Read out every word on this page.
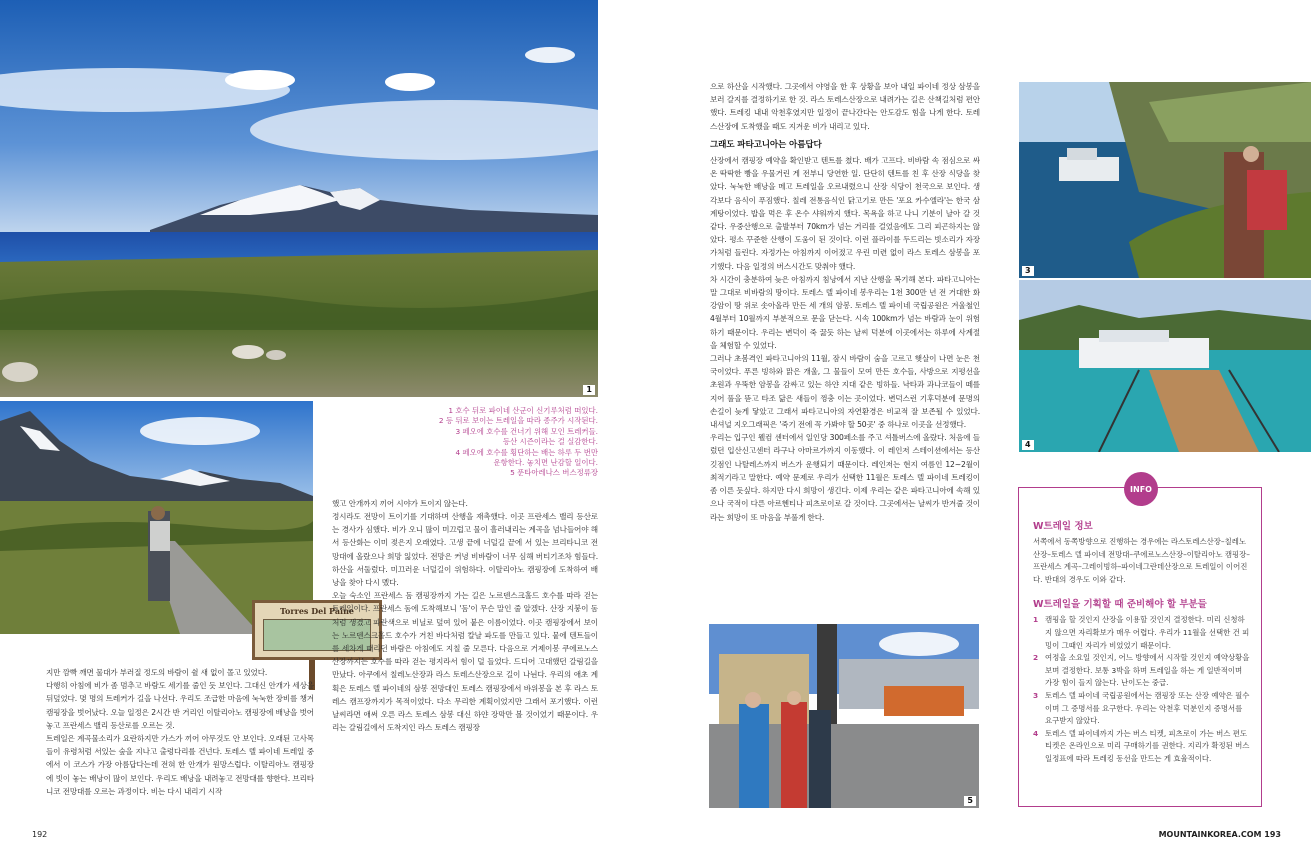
1
Torres Del Paine
1 호수 뒤로 파이네 산군이 신기루처럼 떠있다.
2 등 뒤로 보이는 트레일을 따라 종주가 시작된다.
3 페오에 호수를 건너기 위해 모인 트레커들.
등산 시즌이라는 걸 실감한다.
4 페오에 호수를 횡단하는 배는 하루 두 번만
운항한다. 놓치면 난감할 일이다.
5 푼타아레나스 버스정류장

했고 안개까지 끼어 시야가 트이지 않는다.

정시라도 전망이 트이기를 기대하며 산행을 재촉했다. 이곳 프란세스 밸리 등산로는 경사가 심했다. 비가 오니 많이 미끄럽고 물이 흘러내리는 계곡을 넘나들어야 해서 등산화는 이미 젖은지 오래였다. 고생 끝에 너덜길 끝에 서 있는 브리타니코 전망대에 올랐으나 희망 잃었다. 전망은 커녕 비바람이 너무 심해 버티기조차 힘들다. 하산을 서둘렀다. 미끄러운 너덜길이 위험하다. 이탈리아노 캠핑장에 도착하여 배낭을 찾아 다시 멨다.

오늘 숙소인 프란세스 돔 캠핑장까지 가는 길은 노르덴스크홀드 호수를 따라 걷는 트레일이다. 프란세스 돔에 도착해보니 '돔'이 무슨 말인 줄 알겠다. 산장 지붕이 돔처럼 생겼고 파란색으로 비닐로 덮여 있어 붙은 이름이었다. 이곳 캠핑장에서 보이는 노르덴스크홀드 호수가 거친 바다처럼 칼날 파도를 만들고 있다. 뭍에 텐트들이를 세차게 때리던 바람은 아침에도 지칠 줄 모른다. 다음으로 거제이봉 쿠에르노스산장까지는 호수를 따라 걷는 평지라서 힘이 덜 들었다. 드디어 고대했던 갈림길을 만났다. 아쿠에서 칠레노산장과 라스 토레스산장으로 길이 나뉜다. 우리의 애초 계획은 토레스 델 파이네의 삼봉 전망대인 토레스 캠핑장에서 바위봉을 본 후 라스 토레스 캠프장까지가 목적이었다. 다소 무리한 계획이었지만 그래서 포기했다. 이런 날씨라면 애써 오른 라스 토레스 삼봉 대신 하얀 장막만 볼 것이었기 때문이다. 우리는 갈림길에서 도착지인 라스 토레스 캠핑장

지만 깜빡 깨면 물대가 부러질 정도의 바람이 쉴 새 없이 몰고 있었다.

다행히 아침에 비가 좀 멈추고 바람도 세기를 줄인 듯 보인다. 그대신 안개가 세상을 뒤덮었다. 몇 명의 트레커가 길을 나선다. 우리도 조급한 마음에 눅눅한 장비를 챙겨 캠핑장을 벗어났다. 오늘 일정은 2시간 반 거리인 이탈리아노 캠핑장에 배낭을 벗어 놓고 프란세스 밸리 등산로를 오르는 것.

트레일은 계곡물소리가 요란하지만 가스가 끼어 아무것도 안 보인다. 오래된 고사목들이 유령처럼 서있는 숲을 지나고 출렁다리를 건넌다. 토레스 델 파이네 트레일 중에서 이 코스가 가장 아름답다는데 전혀 한 안개가 원망스럽다. 이탈리아노 캠핑장에 빗이 놓는 배낭이 많이 보인다. 우리도 배낭을 내려놓고 전망대를 향한다. 브리타니코 전망대를 오르는 과정이다. 비는 다시 내리기 시작

192

으로 하산을 시작했다. 그곳에서 야영을 한 후 상황을 보아 내일 파이네 정상 삼봉을 보러 갈지를 결정하기로 한 것. 라스 토레스산장으로 내려가는 길은 산책길처럼 편안했다. 트레킹 내내 악천후였지만 일정이 끝나간다는 안도감도 힘을 나게 한다. 토레스산장에 도착했을 때도 지겨운 비가 내리고 있다.

그래도 파타고니아는 아름답다

산장에서 캠핑장 예약을 확인받고 텐트를 쳤다. 배가 고프다. 비바람 속 점심으로 싸온 딱딱한 빵을 우물거린 게 전부니 당연한 일. 단단히 텐트를 친 후 산장 식당을 찾았다. 눅눅한 배낭을 메고 트레일을 오르내렸으니 산장 식당이 천국으로 보인다. 생각보다 음식이 푸짐했다. 칠레 전통음식인 닭고기로 만든 '포요 카수엘라'는 한국 삼계탕이었다. 밥을 먹은 후 온수 샤워까지 했다. 목욕을 하고 나니 기분이 날아 갈 것 같다. 우중산행으로 출발부터 70km가 넘는 거리를 걸었음에도 그리 피곤하지는 않았다. 평소 꾸준한 산행이 도움이 된 것이다. 이런 플라이를 두드리는 빗소리가 자장가처럼 들린다. 자정가는 아침까지 이어졌고 우린 미련 없이 라스 토레스 삼봉을 포기했다. 다음 일정의 버스시간도 맞춰야 했다.

차 시간이 충분하여 늦은 아침까지 침낭에서 지난 산행을 복기해 본다. 파타고니아는 말 그대로 비바람의 땅이다. 토레스 델 파이네 봉우리는 1천 300만 년 전 거대한 화강암이 땅 위로 솟아올라 만든 세 개의 암봉. 토레스 델 파이네 국립공원은 겨울철인 4월부터 10월까지 부분적으로 문을 닫는다. 시속 100km가 넘는 바람과 눈이 위험하기 때문이다. 우리는 변덕이 죽 끓듯 하는 날씨 덕분에 이곳에서는 하루에 사계절을 체험할 수 있었다.

그러나 초봄격인 파타고니아의 11월, 잠시 바람이 숨을 고르고 햇살이 나면 눈은 천국이었다. 푸른 빙하와 맑은 개울, 그 물들이 모여 만든 호수들, 사방으로 지평선을 초원과 우뚝한 암봉을 감싸고 있는 하얀 지대 같은 빙하들. 낙타과 과나코들이 떼를 지어 풀을 뜯고 타조 닮은 새들이 껑충 이는 곳이었다. 변덕스런 기후덕분에 문명의 손길이 늦게 닿았고 그래서 파타고니아의 자연환경은 비교적 잘 보존될 수 있었다. 내셔널 지오그래픽은 '죽기 전에 꼭 가봐야 할 50곳' 중 하나로 이곳을 선정했다.

우리는 입구인 웰컴 센터에서 일인당 300페소를 주고 셔틀버스에 올랐다. 처음에 들렀던 입산신고센터 라구나 아마르가까지 이동했다. 이 레인저 스테이션에서는 등산 깃점인 나탈레스까지 버스가 운행되기 때문이다. 레인저는 현지 여름인 12~2월이 최적기라고 말한다. 예약 문제로 우리가 선택한 11월은 토레스 델 파이네 트레킹이 좀 이른 듯싶다. 하지만 다시 희망이 생긴다. 이제 우리는 같은 파타고니아에 속해 있으나 국적이 다른 아르헨티나 피츠로이로 갈 것이다. 그곳에서는 날씨가 반겨줄 것이라는 희망이 또 마음을 부풀게 한다.

3
4
5
W트레일 정보
서쪽에서 동쪽방향으로 진행하는 경우에는 라스토레스산장–칠레노산장–토레스 델 파이네 전망대–쿠에르노스산장–이탈리아노 캠핑장–프란세스 계곡–그레이빙하–파이네그란데산장으로 트레일이 이어진다. 반대의 경우도 이와 같다.
W트레일을 기획할 때 준비해야 할 부분들
1 캠핑을 할 것인지 산장을 이용할 것인지 결정한다. 미리 신청하지 않으면 자리확보가 매우 어렵다. 우리가 11월을 선택한 건 피밍이 그때인 자리가 비었었기 때문이다.
2 여정을 소요일 것인지, 어느 방향에서 시작할 것인지 예약상황을 보며 결정한다. 보통 3박을 하며 트레일을 하는 게 일반적이며 가장 힘이 들지 않는다. 난이도는 중급.
3 토레스 델 파이네 국립공원에서는 캠핑장 또는 산장 예약은 필수이며 그 증명서를 요구한다. 우리는 악천후 덕분인지 증명서를 요구받지 않았다.
4 토레스 델 파이네까지 가는 버스 티켓, 피츠로이 가는 버스 편도 티켓은 온라인으로 미리 구매하기를 권한다. 지리가 확정된 버스 일정표에 따라 트레킹 동선을 만드는 게 효율적이다.
INFO
MOUNTAINKOREA.COM 193
